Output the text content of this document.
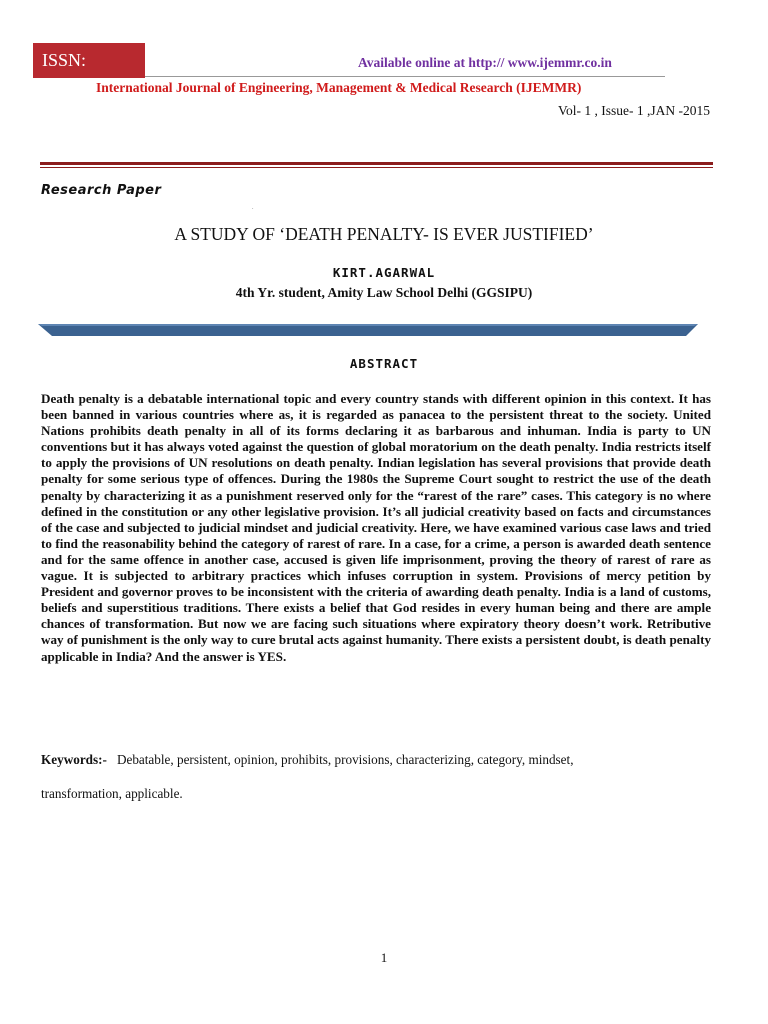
ISSN:	Available online at http:// www.ijemmr.co.in
International Journal of Engineering, Management & Medical Research (IJEMMR)
Vol- 1 , Issue- 1 ,JAN -2015
Research Paper
.
A STUDY OF ‘DEATH PENALTY- IS EVER JUSTIFIED’
KIRT.AGARWAL
4th Yr. student, Amity Law School Delhi (GGSIPU)
ABSTRACT

Death penalty is a debatable international topic and every country stands with different opinion in this context. It has been banned in various countries where as, it is regarded as panacea to the persistent threat to the society. United Nations prohibits death penalty in all of its forms declaring it as barbarous and inhuman. India is party to UN conventions but it has always voted against the question of global moratorium on the death penalty. India restricts itself to apply the provisions of UN resolutions on death penalty. Indian legislation has several provisions that provide death penalty for some serious type of offences. During the 1980s the Supreme Court sought to restrict the use of the death penalty by characterizing it as a punishment reserved only for the “rarest of the rare” cases. This category is no where defined in the constitution or any other legislative provision. It’s all judicial creativity based on facts and circumstances of the case and subjected to judicial mindset and judicial creativity. Here, we have examined various case laws and tried to find the reasonability behind the category of rarest of rare. In a case, for a crime, a person is awarded death sentence and for the same offence in another case, accused is given life imprisonment, proving the theory of rarest of rare as vague. It is subjected to arbitrary practices which infuses corruption in system. Provisions of mercy petition by President and governor proves to be inconsistent with the criteria of awarding death penalty. India is a land of customs, beliefs and superstitious traditions. There exists a belief that God resides in every human being and there are ample chances of transformation. But now we are facing such situations where expiratory theory doesn’t work. Retributive way of punishment is the only way to cure brutal acts against humanity. There exists a persistent doubt, is death penalty applicable in India? And the answer is YES.

Keywords:- Debatable, persistent, opinion, prohibits, provisions, characterizing, category, mindset,

transformation, applicable.
1
